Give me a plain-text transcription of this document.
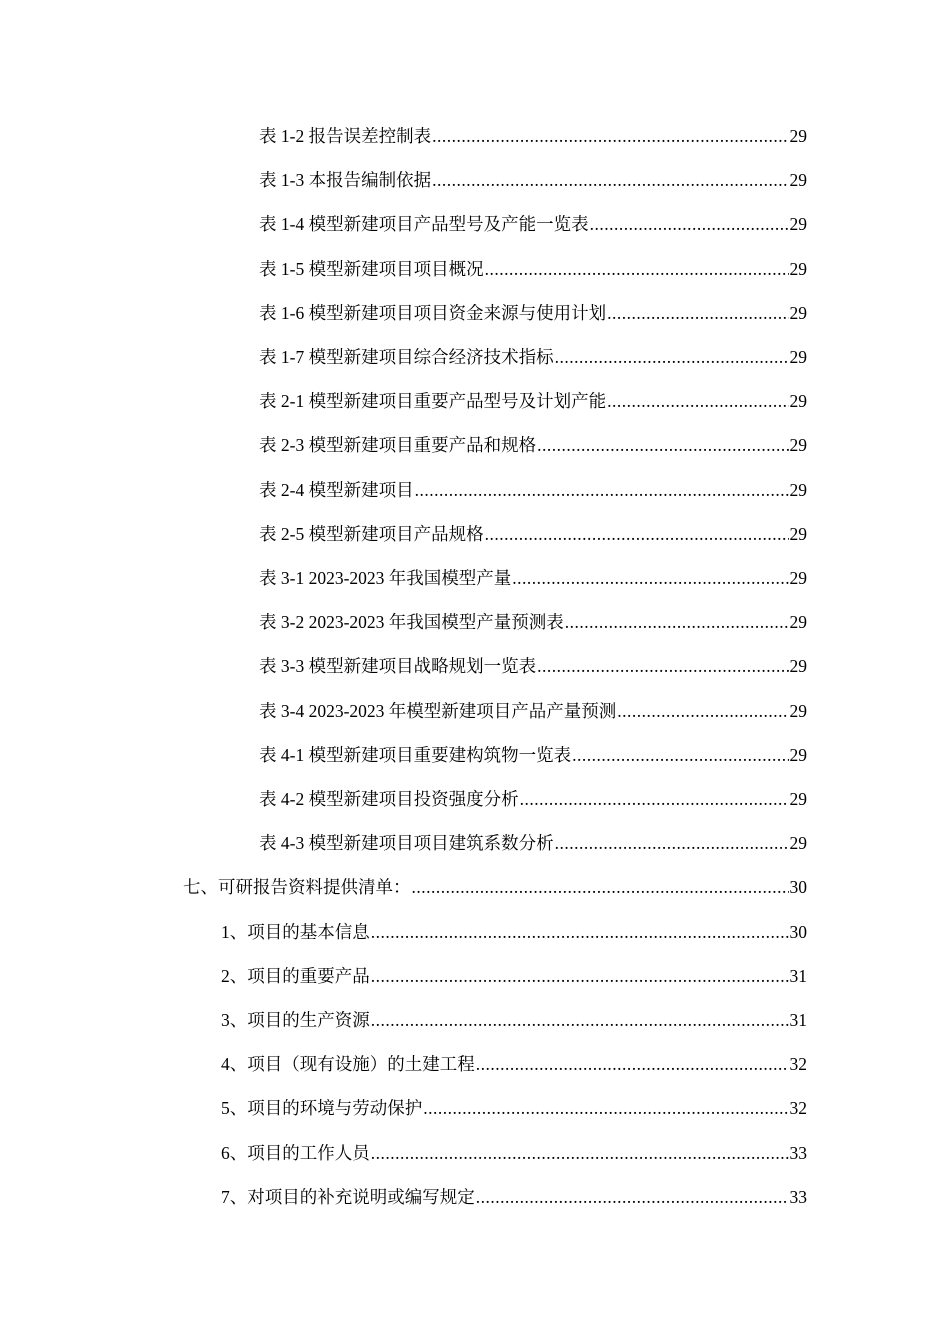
表 1-2 报告误差控制表 .....	29
表 1-3 本报告编制依据 .....	29
表 1-4 模型新建项目产品型号及产能一览表 .....	29
表 1-5 模型新建项目项目概况 .....	29
表 1-6 模型新建项目项目资金来源与使用计划 .....	29
表 1-7 模型新建项目综合经济技术指标 .....	29
表 2-1 模型新建项目重要产品型号及计划产能 .....	29
表 2-3 模型新建项目重要产品和规格 .....	29
表 2-4 模型新建项目 .....	29
表 2-5 模型新建项目产品规格 .....	29
表 3-1 2023-2023 年我国模型产量 .....	29
表 3-2 2023-2023 年我国模型产量预测表 .....	29
表 3-3 模型新建项目战略规划一览表 .....	29
表 3-4 2023-2023 年模型新建项目产品产量预测 .....	29
表 4-1 模型新建项目重要建构筑物一览表 .....	29
表 4-2 模型新建项目投资强度分析 .....	29
表 4-3 模型新建项目项目建筑系数分析 .....	29
七、可研报告资料提供清单： .....	30
1、项目的基本信息 .....	30
2、项目的重要产品 .....	31
3、项目的生产资源 .....	31
4、项目（现有设施）的土建工程 .....	32
5、项目的环境与劳动保护 .....	32
6、项目的工作人员 .....	33
7、对项目的补充说明或编写规定 .....	33
